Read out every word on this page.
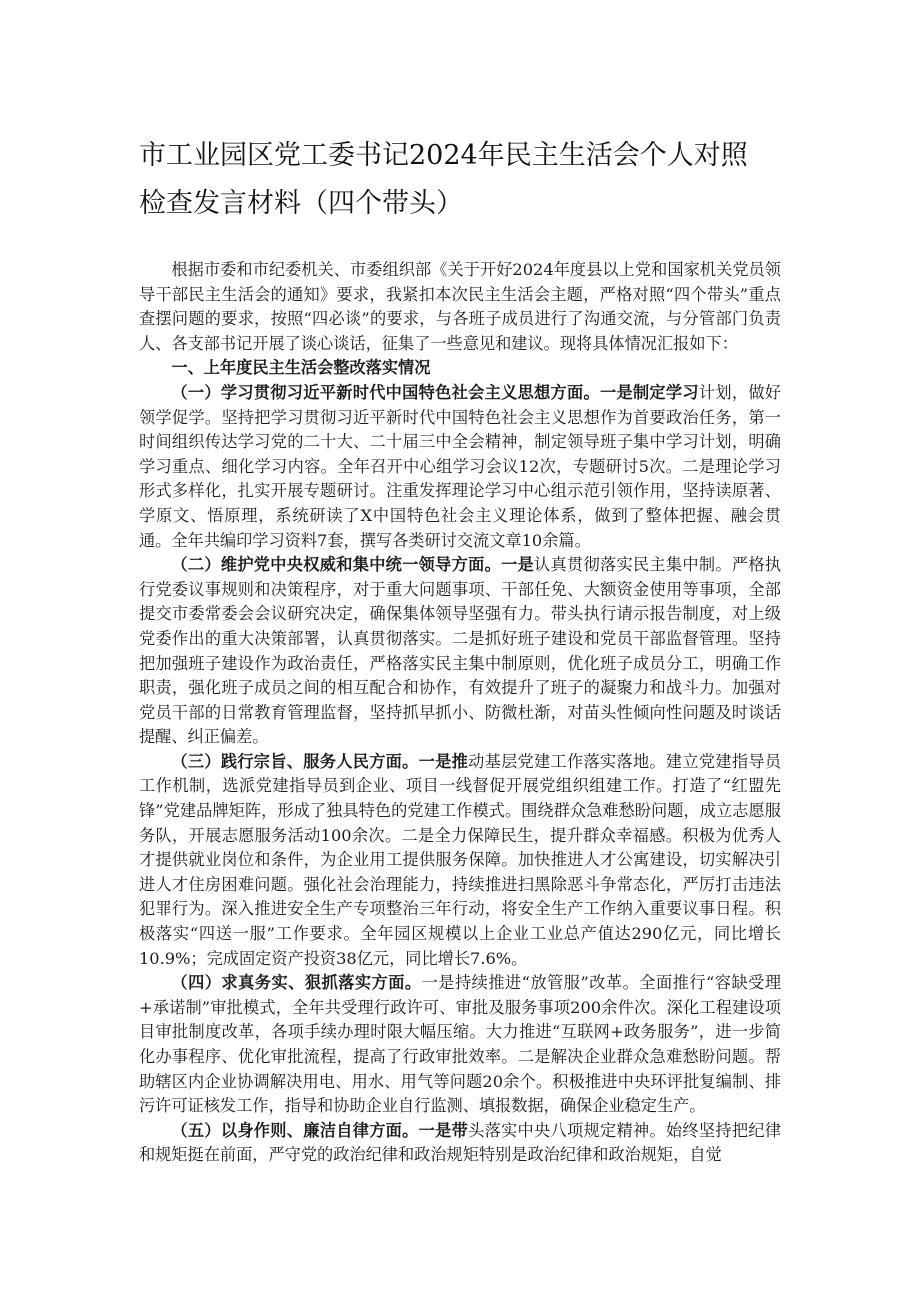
市工业园区党工委书记2024年民主生活会个人对照
检查发言材料（四个带头）

根据市委和市纪委机关、市委组织部《关于开好2024年度县以上党和国家机关党员领导干部民主生活会的通知》要求，我紧扣本次民主生活会主题，严格对照“四个带头”重点查摆问题的要求，按照“四必谈”的要求，与各班子成员进行了沟通交流，与分管部门负责人、各支部书记开展了谈心谈话，征集了一些意见和建议。现将具体情况汇报如下：

一、上年度民主生活会整改落实情况

（一）学习贯彻习近平新时代中国特色社会主义思想方面。一是制定学习计划，做好领学促学。坚持把学习贯彻习近平新时代中国特色社会主义思想作为首要政治任务，第一时间组织传达学习党的二十大、二十届三中全会精神，制定领导班子集中学习计划，明确学习重点、细化学习内容。全年召开中心组学习会议12次，专题研讨5次。二是理论学习形式多样化，扎实开展专题研讨。注重发挥理论学习中心组示范引领作用，坚持读原著、学原文、悟原理，系统研读了X中国特色社会主义理论体系，做到了整体把握、融会贯通。全年共编印学习资料7套，撰写各类研讨交流文章10余篇。

（二）维护党中央权威和集中统一领导方面。一是认真贯彻落实民主集中制。严格执行党委议事规则和决策程序，对于重大问题事项、干部任免、大额资金使用等事项，全部提交市委常委会会议研究决定，确保集体领导坚强有力。带头执行请示报告制度，对上级党委作出的重大决策部署，认真贯彻落实。二是抓好班子建设和党员干部监督管理。坚持把加强班子建设作为政治责任，严格落实民主集中制原则，优化班子成员分工，明确工作职责，强化班子成员之间的相互配合和协作，有效提升了班子的凝聚力和战斗力。加强对党员干部的日常教育管理监督，坚持抓早抓小、防微杜渐，对苗头性倾向性问题及时谈话提醒、纠正偏差。

（三）践行宗旨、服务人民方面。一是推动基层党建工作落实落地。建立党建指导员工作机制，选派党建指导员到企业、项目一线督促开展党组织组建工作。打造了“红盟先锋”党建品牌矩阵，形成了独具特色的党建工作模式。围绕群众急难愁盼问题，成立志愿服务队，开展志愿服务活动100余次。二是全力保障民生，提升群众幸福感。积极为优秀人才提供就业岗位和条件，为企业用工提供服务保障。加快推进人才公寓建设，切实解决引进人才住房困难问题。强化社会治理能力，持续推进扫黑除恶斗争常态化，严厉打击违法犯罪行为。深入推进安全生产专项整治三年行动，将安全生产工作纳入重要议事日程。积极落实“四送一服”工作要求。全年园区规模以上企业工业总产值达290亿元，同比增长10.9%；完成固定资产投资38亿元，同比增长7.6%。

（四）求真务实、狠抓落实方面。一是持续推进“放管服”改革。全面推行“容缺受理+承诺制”审批模式，全年共受理行政许可、审批及服务事项200余件次。深化工程建设项目审批制度改革，各项手续办理时限大幅压缩。大力推进“互联网+政务服务”，进一步简化办事程序、优化审批流程，提高了行政审批效率。二是解决企业群众急难愁盼问题。帮助辖区内企业协调解决用电、用水、用气等问题20余个。积极推进中央环评批复编制、排污许可证核发工作，指导和协助企业自行监测、填报数据，确保企业稳定生产。

（五）以身作则、廉洁自律方面。一是带头落实中央八项规定精神。始终坚持把纪律和规矩挺在前面，严守党的政治纪律和政治规矩特别是政治纪律和政治规矩，自觉
